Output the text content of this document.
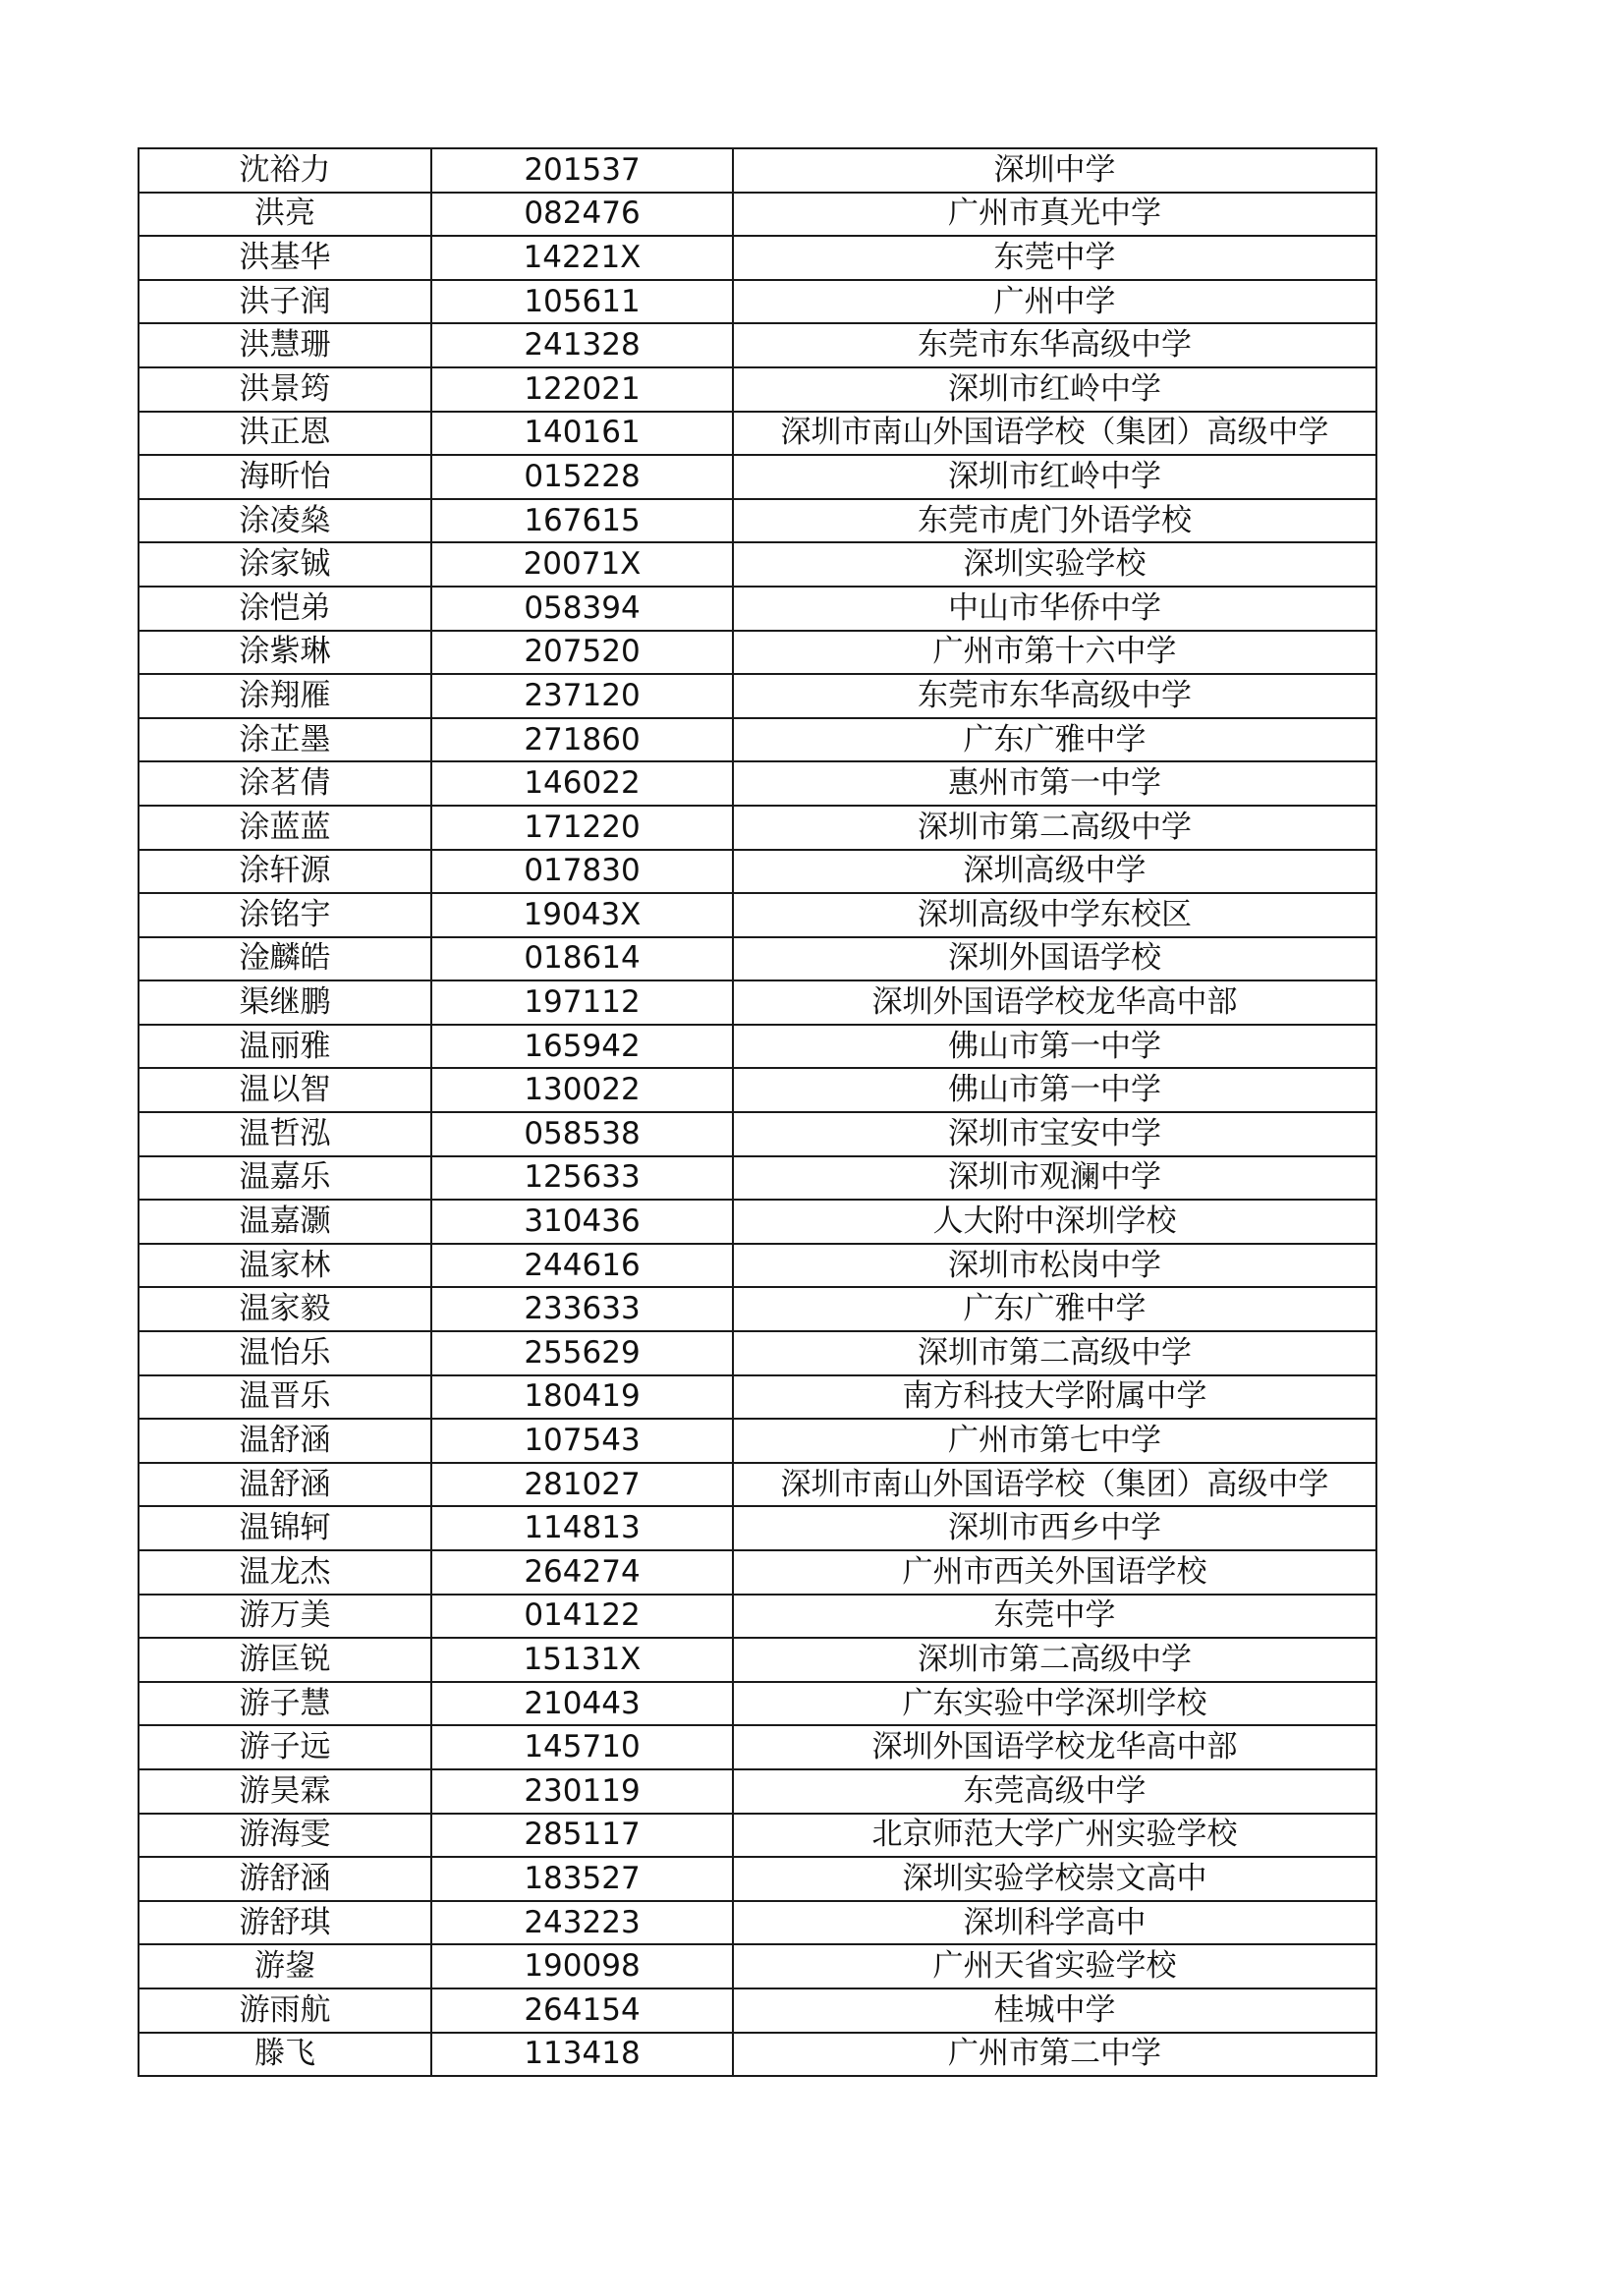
沈裕力	201537	深圳中学
洪亮	082476	广州市真光中学
洪基华	14221X	东莞中学
洪子润	105611	广州中学
洪慧珊	241328	东莞市东华高级中学
洪景筠	122021	深圳市红岭中学
洪正恩	140161	深圳市南山外国语学校（集团）高级中学
海昕怡	015228	深圳市红岭中学
涂凌燊	167615	东莞市虎门外语学校
涂家铖	20071X	深圳实验学校
涂恺弟	058394	中山市华侨中学
涂紫琳	207520	广州市第十六中学
涂翔雁	237120	东莞市东华高级中学
涂芷墨	271860	广东广雅中学
涂茗倩	146022	惠州市第一中学
涂蓝蓝	171220	深圳市第二高级中学
涂轩源	017830	深圳高级中学
涂铭宇	19043X	深圳高级中学东校区
淦麟皓	018614	深圳外国语学校
渠继鹏	197112	深圳外国语学校龙华高中部
温丽雅	165942	佛山市第一中学
温以智	130022	佛山市第一中学
温哲泓	058538	深圳市宝安中学
温嘉乐	125633	深圳市观澜中学
温嘉灏	310436	人大附中深圳学校
温家林	244616	深圳市松岗中学
温家毅	233633	广东广雅中学
温怡乐	255629	深圳市第二高级中学
温晋乐	180419	南方科技大学附属中学
温舒涵	107543	广州市第七中学
温舒涵	281027	深圳市南山外国语学校（集团）高级中学
温锦轲	114813	深圳市西乡中学
温龙杰	264274	广州市西关外国语学校
游万美	014122	东莞中学
游匡锐	15131X	深圳市第二高级中学
游子慧	210443	广东实验中学深圳学校
游子远	145710	深圳外国语学校龙华高中部
游昊霖	230119	东莞高级中学
游海雯	285117	北京师范大学广州实验学校
游舒涵	183527	深圳实验学校崇文高中
游舒琪	243223	深圳科学高中
游鋆	190098	广州天省实验学校
游雨航	264154	桂城中学
滕飞	113418	广州市第二中学
